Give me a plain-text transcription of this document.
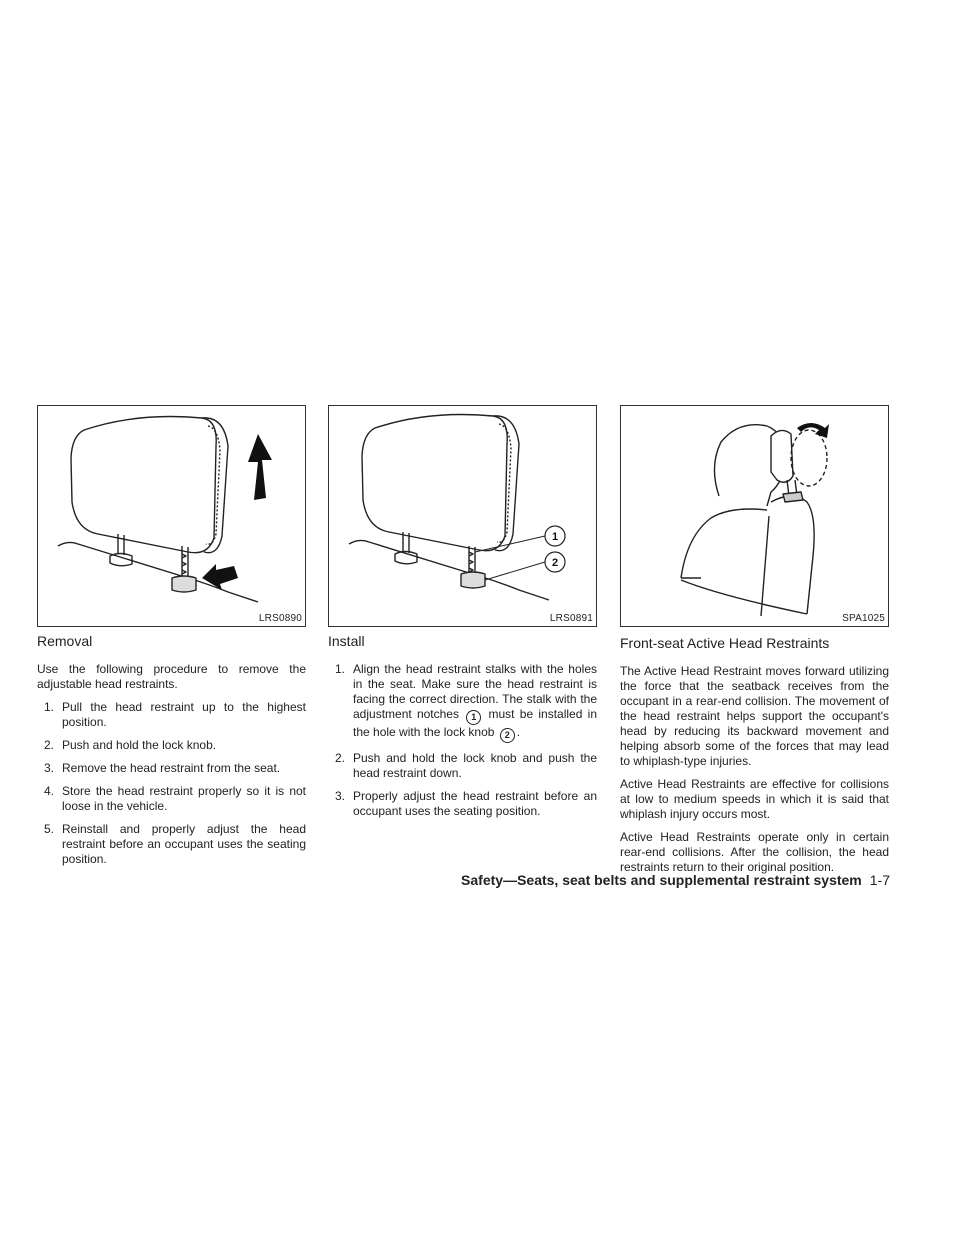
LRS0890
Removal

Use the following procedure to remove the adjustable head restraints.

1. Pull the head restraint up to the highest position.
2. Push and hold the lock knob.
3. Remove the head restraint from the seat.
4. Store the head restraint properly so it is not loose in the vehicle.
5. Reinstall and properly adjust the head restraint before an occupant uses the seating position.
1
2
LRS0891
Install
1. Align the head restraint stalks with the holes in the seat. Make sure the head restraint is facing the correct direction. The stalk with the adjustment notches 1 must be installed in the hole with the lock knob 2 .
2. Push and hold the lock knob and push the head restraint down.
3. Properly adjust the head restraint before an occupant uses the seating position.
SPA1025
Front-seat Active Head Restraints

The Active Head Restraint moves forward utilizing the force that the seatback receives from the occupant in a rear-end collision. The movement of the head restraint helps support the occupant's head by reducing its backward movement and helping absorb some of the forces that may lead to whiplash-type injuries.

Active Head Restraints are effective for collisions at low to medium speeds in which it is said that whiplash injury occurs most.

Active Head Restraints operate only in certain rear-end collisions. After the collision, the head restraints return to their original position.

Safety—Seats, seat belts and supplemental restraint system 1-7
